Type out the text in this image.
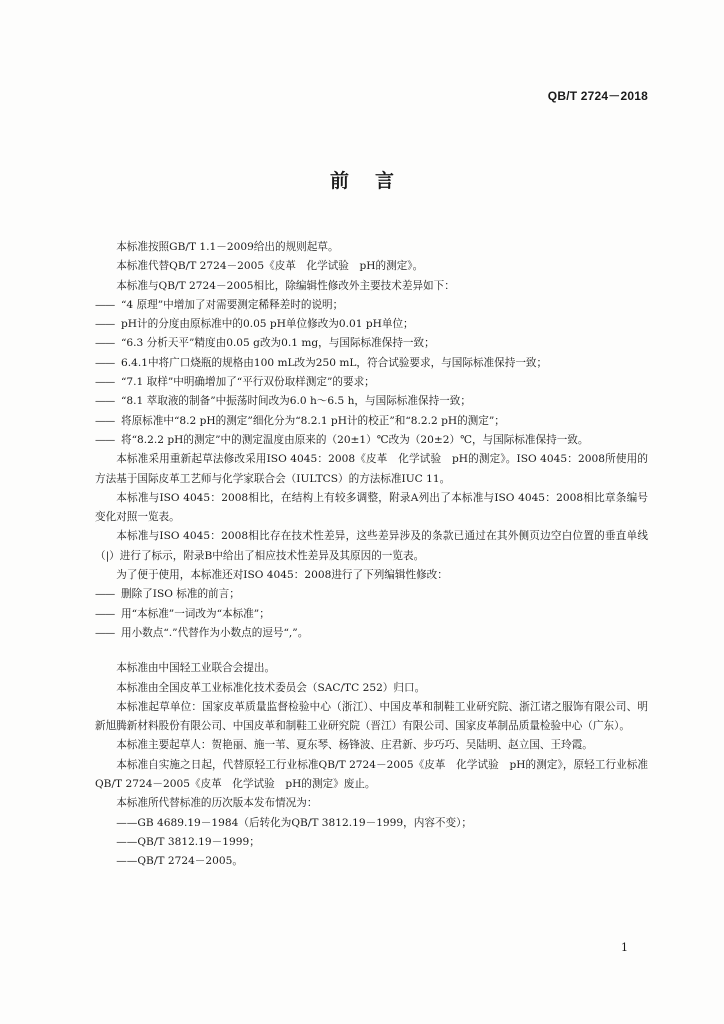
QB/T 2724－2018
前言

本标准按照GB/T 1.1－2009给出的规则起草。

本标准代替QB/T 2724－2005《皮革　化学试验　pH的测定》。

本标准与QB/T 2724－2005相比，除编辑性修改外主要技术差异如下：

—— “4 原理”中增加了对需要测定稀释差时的说明；

—— pH计的分度由原标准中的0.05 pH单位修改为0.01 pH单位；

—— “6.3 分析天平”精度由0.05 g改为0.1 mg，与国际标准保持一致；

—— 6.4.1中将广口烧瓶的规格由100 mL改为250 mL，符合试验要求，与国际标准保持一致；

—— “7.1 取样”中明确增加了“平行双份取样测定”的要求；

—— “8.1 萃取液的制备”中振荡时间改为6.0 h～6.5 h，与国际标准保持一致；

—— 将原标准中“8.2 pH的测定”细化分为“8.2.1 pH计的校正”和“8.2.2 pH的测定”；

—— 将“8.2.2 pH的测定”中的测定温度由原来的（20±1）℃改为（20±2）℃，与国际标准保持一致。

本标准采用重新起草法修改采用ISO 4045：2008《皮革　化学试验　pH的测定》。ISO 4045：2008所使用的方法基于国际皮革工艺师与化学家联合会（IULTCS）的方法标准IUC 11。

本标准与ISO 4045：2008相比，在结构上有较多调整，附录A列出了本标准与ISO 4045：2008相比章条编号变化对照一览表。

本标准与ISO 4045：2008相比存在技术性差异，这些差异涉及的条款已通过在其外侧页边空白位置的垂直单线（|）进行了标示，附录B中给出了相应技术性差异及其原因的一览表。

为了便于使用，本标准还对ISO 4045：2008进行了下列编辑性修改：

—— 删除了ISO 标准的前言；

—— 用“本标准”一词改为“本标准”；

—— 用小数点“.”代替作为小数点的逗号“,”。

本标准由中国轻工业联合会提出。

本标准由全国皮革工业标准化技术委员会（SAC/TC 252）归口。

本标准起草单位：国家皮革质量监督检验中心（浙江）、中国皮革和制鞋工业研究院、浙江诸之服饰有限公司、明新旭腾新材料股份有限公司、中国皮革和制鞋工业研究院（晋江）有限公司、国家皮革制品质量检验中心（广东）。

本标准主要起草人：贺艳丽、施一苇、夏东琴、杨锋波、庄君新、步巧巧、吴陆明、赵立国、王玲霞。

本标准自实施之日起，代替原轻工行业标准QB/T 2724－2005《皮革　化学试验　pH的测定》，原轻工行业标准QB/T 2724－2005《皮革　化学试验　pH的测定》废止。

本标准所代替标准的历次版本发布情况为：

——GB 4689.19－1984（后转化为QB/T 3812.19－1999，内容不变）；

——QB/T 3812.19－1999；

——QB/T 2724－2005。

1
